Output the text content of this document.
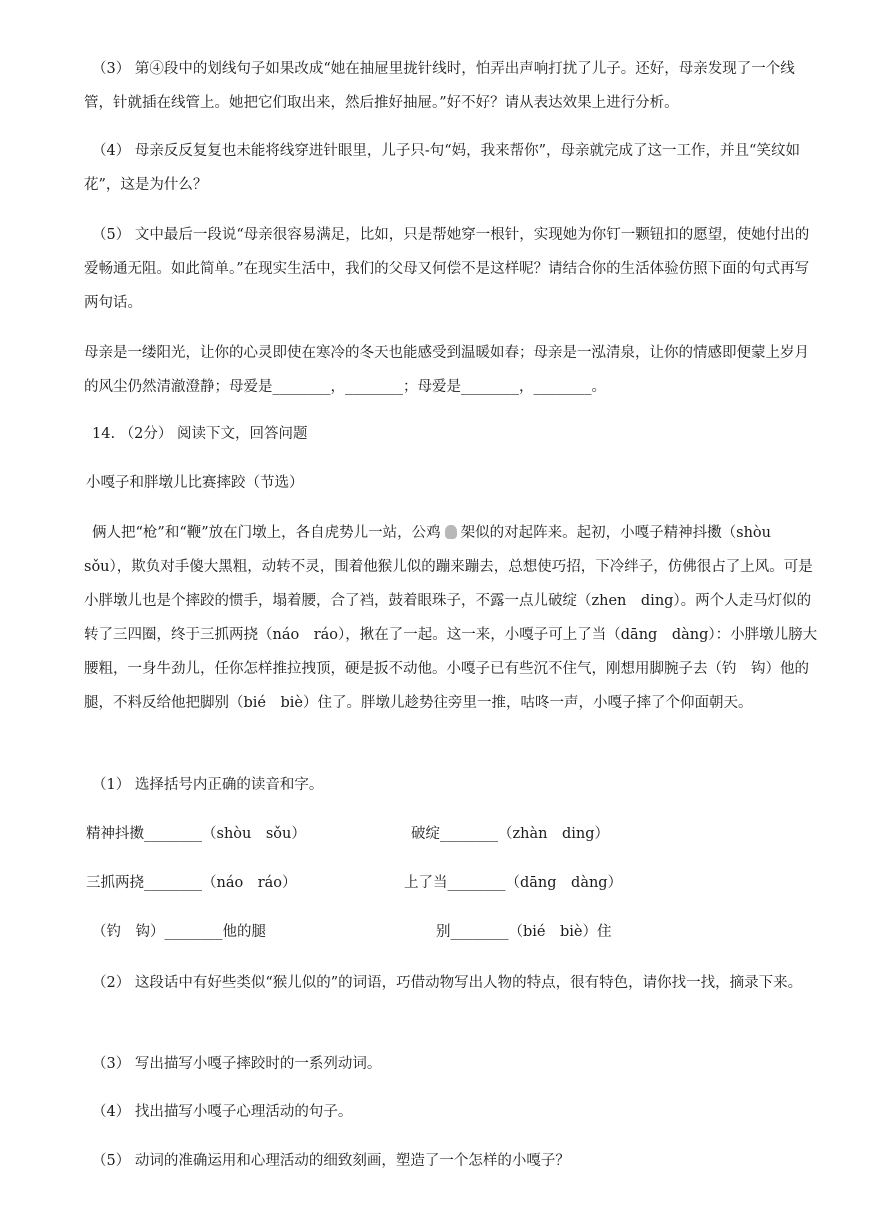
（3） 第④段中的划线句子如果改成“她在抽屉里拢针线时，怕弄出声响打扰了儿子。还好，母亲发现了一个线管，针就插在线管上。她把它们取出来，然后推好抽屉。”好不好？请从表达效果上进行分析。

（4） 母亲反反复复也未能将线穿进针眼里，儿子只-句“妈，我来帮你”，母亲就完成了这一工作，并且“笑纹如花”，这是为什么？

（5） 文中最后一段说“母亲很容易满足，比如，只是帮她穿一根针，实现她为你钉一颗钮扣的愿望，使她付出的爱畅通无阻。如此简单。”在现实生活中，我们的父母又何偿不是这样呢？请结合你的生活体验仿照下面的句式再写两句话。

母亲是一缕阳光，让你的心灵即使在寒冷的冬天也能感受到温暖如春；母亲是一泓清泉，让你的情感即便蒙上岁月的风尘仍然清澈澄静；母爱是________，________；母爱是________，________。

14. （2分） 阅读下文，回答问题
小嘎子和胖墩儿比赛摔跤（节选）

俩人把“枪”和“鞭”放在门墩上，各自虎势儿一站，公鸡 架似的对起阵来。起初，小嘎子精神抖擞（shòu　sǒu），欺负对手傻大黑粗，动转不灵，围着他猴儿似的蹦来蹦去，总想使巧招，下冷绊子，仿佛很占了上风。可是小胖墩儿也是个摔跤的惯手，塌着腰，合了裆，鼓着眼珠子，不露一点儿破绽（zhen　ding）。两个人走马灯似的转了三四圈，终于三抓两挠（náo　ráo），揪在了一起。这一来，小嘎子可上了当（dāng　dàng）：小胖墩儿膀大腰粗，一身牛劲儿，任你怎样推拉拽顶，硬是扳不动他。小嘎子已有些沉不住气，刚想用脚腕子去（钓　钩）他的腿，不料反给他把脚别（bié　biè）住了。胖墩儿趁势往旁里一推，咕咚一声，小嘎子摔了个仰面朝天。

（1） 选择括号内正确的读音和字。
精神抖擞________（shòu　sǒu）	破绽________（zhàn　ding）
三抓两挠________（náo　ráo）	上了当________（dāng　dàng）
（钓　钩）________他的腿	别________（bié　biè）住

（2） 这段话中有好些类似“猴儿似的”的词语，巧借动物写出人物的特点，很有特色，请你找一找，摘录下来。

（3） 写出描写小嘎子摔跤时的一系列动词。
（4） 找出描写小嘎子心理活动的句子。
（5） 动词的准确运用和心理活动的细致刻画，塑造了一个怎样的小嘎子？
